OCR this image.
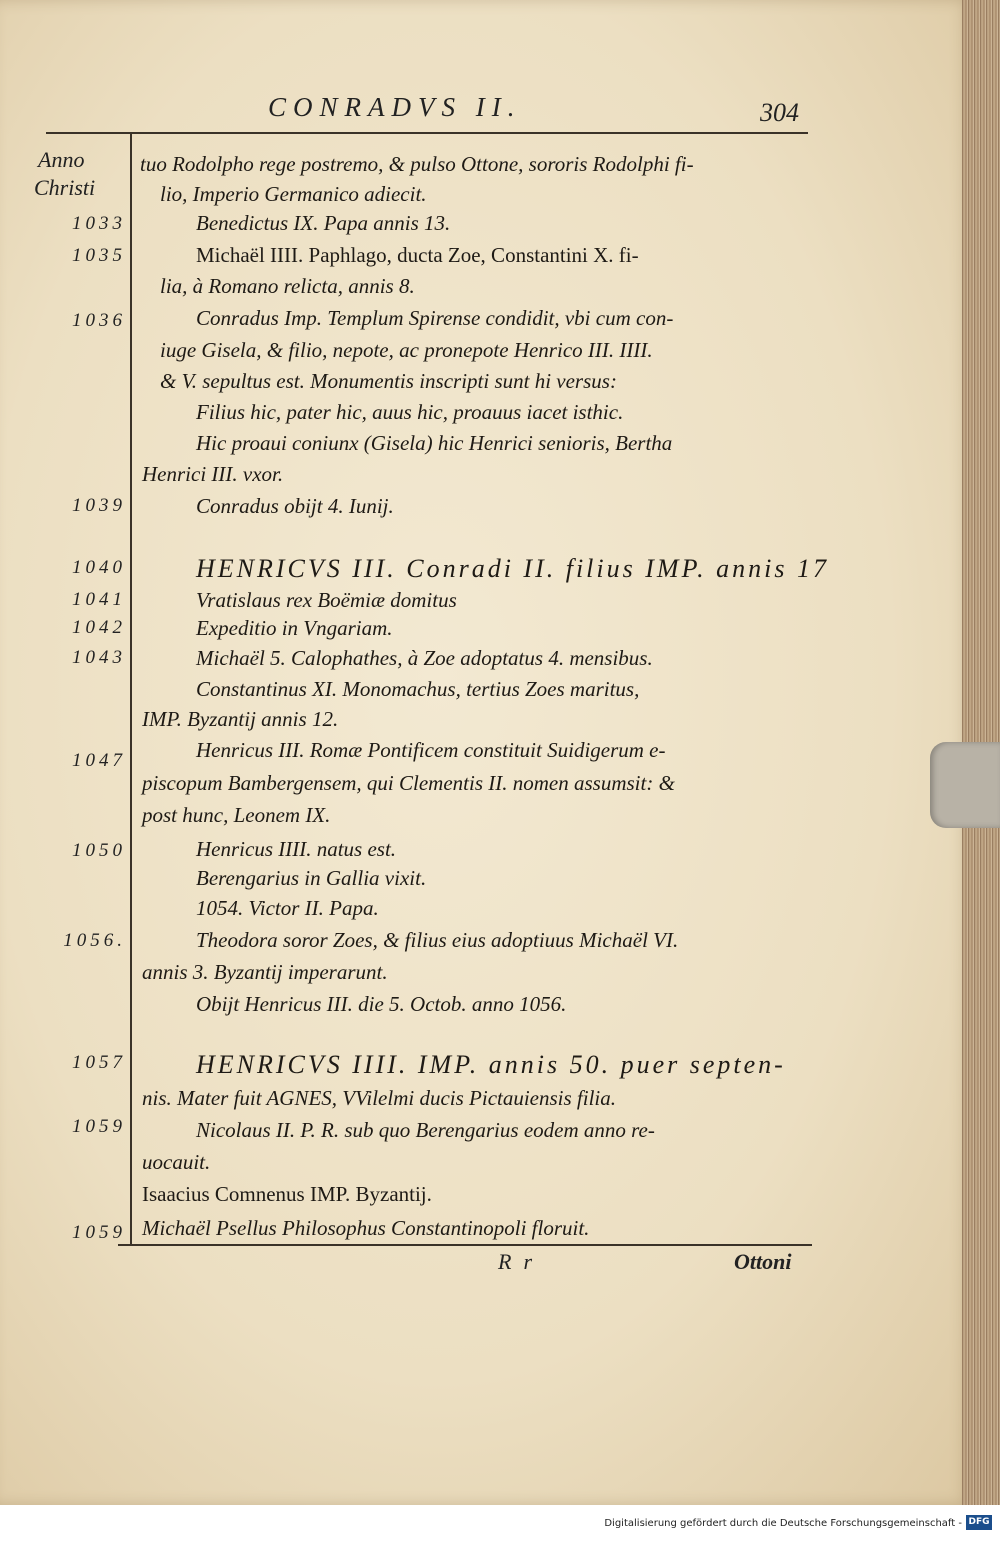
CONRADVS II.	304
Anno
Christi
1033
1035
1036
1039
1040
1041
1042
1043
1047
1050
1056.
1057
1059
1059
tuo Rodolpho rege postremo, & pulso Ottone, sororis Rodolphi fi-
lio, Imperio Germanico adiecit.
Benedictus IX. Papa annis 13.
Michaël IIII. Paphlago, ducta Zoe, Constantini X. fi-
lia, à Romano relicta, annis 8.
Conradus Imp. Templum Spirense condidit, vbi cum con-
iuge Gisela, & filio, nepote, ac pronepote Henrico III. IIII.
& V. sepultus est. Monumentis inscripti sunt hi versus:
Filius hic, pater hic, auus hic, proauus iacet isthic.
Hic proaui coniunx (Gisela) hic Henrici senioris, Bertha
Henrici III. vxor.
Conradus obijt 4. Iunij.
HENRICVS III. Conradi II. filius IMP. annis 17
Vratislaus rex Boëmiæ domitus
Expeditio in Vngariam.
Michaël 5. Calophathes, à Zoe adoptatus 4. mensibus.
Constantinus XI. Monomachus, tertius Zoes maritus,
IMP. Byzantij annis 12.
Henricus III. Romæ Pontificem constituit Suidigerum e-
piscopum Bambergensem, qui Clementis II. nomen assumsit: &
post hunc, Leonem IX.
Henricus IIII. natus est.
Berengarius in Gallia vixit.
1054. Victor II. Papa.
Theodora soror Zoes, & filius eius adoptiuus Michaël VI.
annis 3. Byzantij imperarunt.
Obijt Henricus III. die 5. Octob. anno 1056.
HENRICVS IIII. IMP. annis 50. puer septen-
nis. Mater fuit AGNES, VVilelmi ducis Pictauiensis filia.
Nicolaus II. P. R. sub quo Berengarius eodem anno re-
uocauit.
Isaacius Comnenus IMP. Byzantij.
Michaël Psellus Philosophus Constantinopoli floruit.
Rr	Ottoni
Digitalisierung gefördert durch die Deutsche Forschungsgemeinschaft - DFG
